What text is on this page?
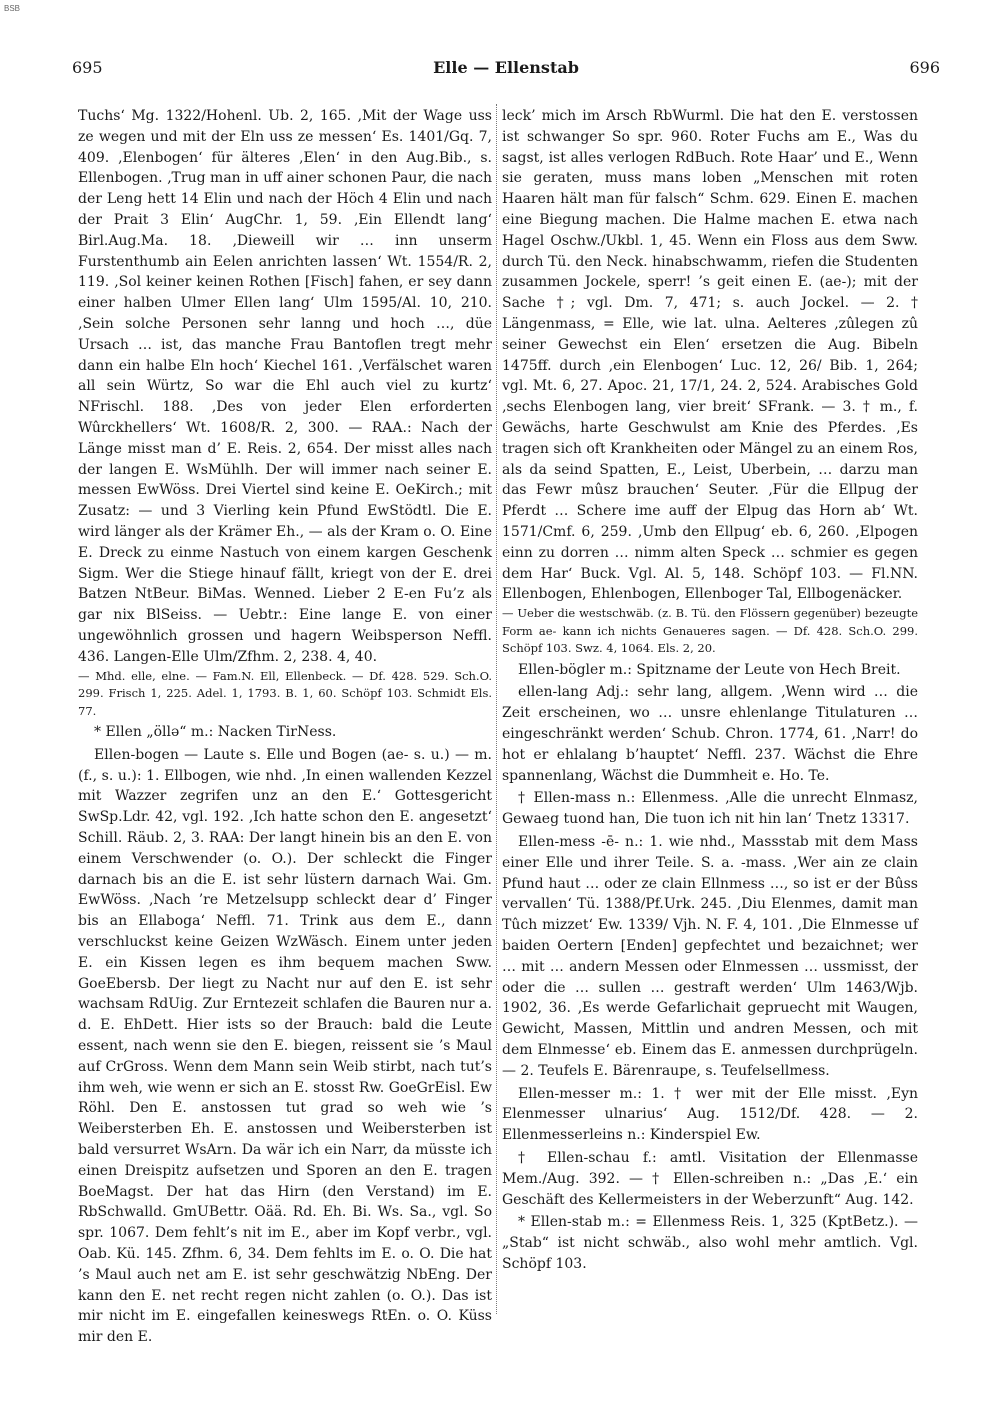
BSB
695	Elle — Ellenstab	696

Tuchs‘ Mg. 1322/Hohenl. Ub. 2, 165. ‚Mit der Wage uss ze wegen und mit der Eln uss ze messen‘ Es. 1401/Gq. 7, 409. ‚Elenbogen‘ für älteres ‚Elen‘ in den Aug.Bib., s. Ellenbogen. ‚Trug man in uff ainer schonen Paur, die nach der Leng hett 14 Elin und nach der Höch 4 Elin und nach der Prait 3 Elin‘ AugChr. 1, 59. ‚Ein Ellendt lang‘ Birl.Aug.Ma. 18. ‚Dieweill wir … inn unserm Furstenthumb ain Eelen anrichten lassen‘ Wt. 1554/R. 2, 119. ‚Sol keiner keinen Rothen [Fisch] fahen, er sey dann einer halben Ulmer Ellen lang‘ Ulm 1595/Al. 10, 210. ‚Sein solche Personen sehr lanng und hoch …, düe Ursach … ist, das manche Frau Bantoflen tregt mehr dann ein halbe Eln hoch‘ Kiechel 161. ‚Verfälschet waren all sein Würtz, So war die Ehl auch viel zu kurtz‘ NFrischl. 188. ‚Des von jeder Elen erforderten Wûrckhellers‘ Wt. 1608/R. 2, 300. — RAA.: Nach der Länge misst man d’ E. Reis. 2, 654. Der misst alles nach der langen E. WsMühlh. Der will immer nach seiner E. messen EwWöss. Drei Viertel sind keine E. OeKirch.; mit Zusatz: — und 3 Vierling kein Pfund EwStödtl. Die E. wird länger als der Krämer Eh., — als der Kram o. O. Eine E. Dreck zu einme Nastuch von einem kargen Geschenk Sigm. Wer die Stiege hinauf fällt, kriegt von der E. drei Batzen NtBeur. BiMas. Wenned. Lieber 2 E-en Fu’z als gar nix BlSeiss. — Uebtr.: Eine lange E. von einer ungewöhnlich grossen und hagern Weibsperson Neffl. 436. Langen-Elle Ulm/Zfhm. 2, 238. 4, 40.

— Mhd. elle, elne. — Fam.N. Ell, Ellenbeck. — Df. 428. 529. Sch.O. 299. Frisch 1, 225. Adel. 1, 1793. B. 1, 60. Schöpf 103. Schmidt Els. 77.

* Ellen „öllə“ m.: Nacken TirNess.

Ellen-bogen — Laute s. Elle und Bogen (ae- s. u.) — m. (f., s. u.): 1. Ellbogen, wie nhd. ‚In einen wallenden Kezzel mit Wazzer zegrifen unz an den E.‘ Gottesgericht SwSp.Ldr. 42, vgl. 192. ‚Ich hatte schon den E. angesetzt‘ Schill. Räub. 2, 3. RAA: Der langt hinein bis an den E. von einem Verschwender (o. O.). Der schleckt die Finger darnach bis an die E. ist sehr lüstern darnach Wai. Gm. EwWöss. ‚Nach ’re Metzelsupp schleckt dear d’ Finger bis an Ellaboga‘ Neffl. 71. Trink aus dem E., dann verschluckst keine Geizen WzWäsch. Einem unter jeden E. ein Kissen legen es ihm bequem machen Sww. GoeEbersb. Der liegt zu Nacht nur auf den E. ist sehr wachsam RdUig. Zur Erntezeit schlafen die Bauren nur a. d. E. EhDett. Hier ists so der Brauch: bald die Leute essent, nach wenn sie den E. biegen, reissent sie ’s Maul auf CrGross. Wenn dem Mann sein Weib stirbt, nach tut’s ihm weh, wie wenn er sich an E. stosst Rw. GoeGrEisl. Ew Röhl. Den E. anstossen tut grad so weh wie ’s Weibersterben Eh. E. anstossen und Weibersterben ist bald versurret WsArn. Da wär ich ein Narr, da müsste ich einen Dreispitz aufsetzen und Sporen an den E. tragen BoeMagst. Der hat das Hirn (den Verstand) im E. RbSchwalld. GmUBettr. Oää. Rd. Eh. Bi. Ws. Sa., vgl. So spr. 1067. Dem fehlt’s nit im E., aber im Kopf verbr., vgl. Oab. Kü. 145. Zfhm. 6, 34. Dem fehlts im E. o. O. Die hat ’s Maul auch net am E. ist sehr geschwätzig NbEng. Der kann den E. net recht regen nicht zahlen (o. O.). Das ist mir nicht im E. eingefallen keineswegs RtEn. o. O. Küss mir den E.

leck’ mich im Arsch RbWurml. Die hat den E. verstossen ist schwanger So spr. 960. Roter Fuchs am E., Was du sagst, ist alles verlogen RdBuch. Rote Haar’ und E., Wenn sie geraten, muss mans loben „Menschen mit roten Haaren hält man für falsch“ Schm. 629. Einen E. machen eine Biegung machen. Die Halme machen E. etwa nach Hagel Oschw./Ukbl. 1, 45. Wenn ein Floss aus dem Sww. durch Tü. den Neck. hinabschwamm, riefen die Studenten zusammen Jockele, sperr! ’s geit einen E. (ae-); mit der Sache †; vgl. Dm. 7, 471; s. auch Jockel. — 2. † Längenmass, = Elle, wie lat. ulna. Aelteres ‚zûlegen zû seiner Gewechst ein Elen‘ ersetzen die Aug. Bibeln 1475ff. durch ‚ein Elenbogen‘ Luc. 12, 26/ Bib. 1, 264; vgl. Mt. 6, 27. Apoc. 21, 17/1, 24. 2, 524. Arabisches Gold ‚sechs Elenbogen lang, vier breit‘ SFrank. — 3. † m., f. Gewächs, harte Geschwulst am Knie des Pferdes. ‚Es tragen sich oft Krankheiten oder Mängel zu an einem Ros, als da seind Spatten, E., Leist, Uberbein, … darzu man das Fewr mûsz brauchen‘ Seuter. ‚Für die Ellpug der Pferdt … Schere ime auff der Elpug das Horn ab‘ Wt. 1571/Cmf. 6, 259. ‚Umb den Ellpug‘ eb. 6, 260. ‚Elpogen einn zu dorren … nimm alten Speck … schmier es gegen dem Har‘ Buck. Vgl. Al. 5, 148. Schöpf 103. — Fl.NN. Ellenbogen, Ehlenbogen, Ellenboger Tal, Ellbogenäcker.

— Ueber die westschwäb. (z. B. Tü. den Flössern gegenüber) bezeugte Form ae- kann ich nichts Genaueres sagen. — Df. 428. Sch.O. 299. Schöpf 103. Swz. 4, 1064. Els. 2, 20.

Ellen-bögler m.: Spitzname der Leute von Hech Breit.

ellen-lang Adj.: sehr lang, allgem. ‚Wenn wird … die Zeit erscheinen, wo … unsre ehlenlange Titulaturen … eingeschränkt werden‘ Schub. Chron. 1774, 61. ‚Narr! do hot er ehlalang b’hauptet‘ Neffl. 237. Wächst die Ehre spannenlang, Wächst die Dummheit e. Ho. Te.

† Ellen-mass n.: Ellenmess. ‚Alle die unrecht Elnmasz, Gewaeg tuond han, Die tuon ich nit hin lan‘ Tnetz 13317.

Ellen-mess -ē- n.: 1. wie nhd., Massstab mit dem Mass einer Elle und ihrer Teile. S. a. -mass. ‚Wer ain ze clain Pfund haut … oder ze clain Ellnmess …, so ist er der Bûss vervallen‘ Tü. 1388/Pf.Urk. 245. ‚Diu Elenmes, damit man Tûch mizzet‘ Ew. 1339/ Vjh. N. F. 4, 101. ‚Die Elnmesse uf baiden Oertern [Enden] gepfechtet und bezaichnet; wer … mit … andern Messen oder Elnmessen … ussmisst, der oder die … sullen … gestraft werden‘ Ulm 1463/Wjb. 1902, 36. ‚Es werde Gefarlichait gepruecht mit Waugen, Gewicht, Massen, Mittlin und andren Messen, och mit dem Elnmesse‘ eb. Einem das E. anmessen durchprügeln. — 2. Teufels E. Bärenraupe, s. Teufelsellmess.

Ellen-messer m.: 1. † wer mit der Elle misst. ‚Eyn Elenmesser ulnarius‘ Aug. 1512/Df. 428. — 2. Ellenmesserleins n.: Kinderspiel Ew.

† Ellen-schau f.: amtl. Visitation der Ellenmasse Mem./Aug. 392. — † Ellen-schreiben n.: „Das ‚E.‘ ein Geschäft des Kellermeisters in der Weberzunft“ Aug. 142.

* Ellen-stab m.: = Ellenmess Reis. 1, 325 (KptBetz.). — „Stab“ ist nicht schwäb., also wohl mehr amtlich. Vgl. Schöpf 103.
